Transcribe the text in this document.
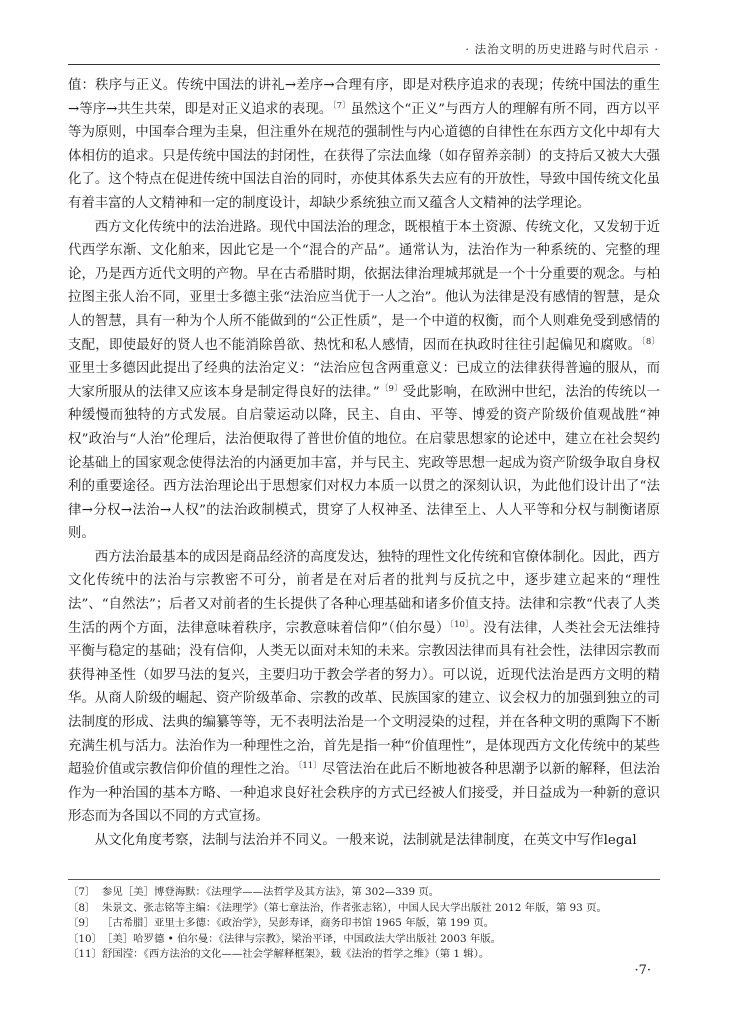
· 法治文明的历史进路与时代启示 ·

值：秩序与正义。传统中国法的讲礼→差序→合理有序，即是对秩序追求的表现；传统中国法的重生→等序→共生共荣，即是对正义追求的表现。$^{〔7〕}$虽然这个“正义”与西方人的理解有所不同，西方以平等为原则，中国奉合理为圭臬，但注重外在规范的强制性与内心道德的自律性在东西方文化中却有大体相仿的追求。只是传统中国法的封闭性，在获得了宗法血缘（如存留养亲制）的支持后又被大大强化了。这个特点在促进传统中国法自治的同时，亦使其体系失去应有的开放性，导致中国传统文化虽有着丰富的人文精神和一定的制度设计，却缺少系统独立而又蕴含人文精神的法学理论。

西方文化传统中的法治进路。现代中国法治的理念，既根植于本土资源、传统文化，又发轫于近代西学东渐、文化舶来，因此它是一个“混合的产品”。通常认为，法治作为一种系统的、完整的理论，乃是西方近代文明的产物。早在古希腊时期，依据法律治理城邦就是一个十分重要的观念。与柏拉图主张人治不同，亚里士多德主张“法治应当优于一人之治”。他认为法律是没有感情的智慧，是众人的智慧，具有一种为个人所不能做到的“公正性质”，是一个中道的权衡，而个人则难免受到感情的支配，即使最好的贤人也不能消除兽欲、热忱和私人感情，因而在执政时往往引起偏见和腐败。$^{〔8〕}$亚里士多德因此提出了经典的法治定义：“法治应包含两重意义：已成立的法律获得普遍的服从，而大家所服从的法律又应该本身是制定得良好的法律。”$^{〔9〕}$受此影响，在欧洲中世纪，法治的传统以一种缓慢而独特的方式发展。自启蒙运动以降，民主、自由、平等、博爱的资产阶级价值观战胜“神权”政治与“人治”伦理后，法治便取得了普世价值的地位。在启蒙思想家的论述中，建立在社会契约论基础上的国家观念使得法治的内涵更加丰富，并与民主、宪政等思想一起成为资产阶级争取自身权利的重要途径。西方法治理论出于思想家们对权力本质一以贯之的深刻认识，为此他们设计出了“法律→分权→法治→人权”的法治政制模式，贯穿了人权神圣、法律至上、人人平等和分权与制衡诸原则。

西方法治最基本的成因是商品经济的高度发达，独特的理性文化传统和官僚体制化。因此，西方文化传统中的法治与宗教密不可分，前者是在对后者的批判与反抗之中，逐步建立起来的“理性法”、“自然法”；后者又对前者的生长提供了各种心理基础和诸多价值支持。法律和宗教“代表了人类生活的两个方面，法律意味着秩序，宗教意味着信仰”（伯尔曼）$^{〔10〕}$。没有法律，人类社会无法维持平衡与稳定的基础；没有信仰，人类无以面对未知的未来。宗教因法律而具有社会性，法律因宗教而获得神圣性（如罗马法的复兴，主要归功于教会学者的努力）。可以说，近现代法治是西方文明的精华。从商人阶级的崛起、资产阶级革命、宗教的改革、民族国家的建立、议会权力的加强到独立的司法制度的形成、法典的编纂等等，无不表明法治是一个文明浸染的过程，并在各种文明的熏陶下不断充满生机与活力。法治作为一种理性之治，首先是指一种“价值理性”，是体现西方文化传统中的某些超验价值或宗教信仰价值的理性之治。$^{〔11〕}$尽管法治在此后不断地被各种思潮予以新的解释，但法治作为一种治国的基本方略、一种追求良好社会秩序的方式已经被人们接受，并日益成为一种新的意识形态而为各国以不同的方式宣扬。

从文化角度考察，法制与法治并不同义。一般来说，法制就是法律制度，在英文中写作legal

〔7〕 参见［美］博登海默：《法理学——法哲学及其方法》，第 302—339 页。
〔8〕 朱景文、张志铭等主编：《法理学》（第七章法治，作者张志铭），中国人民大学出版社 2012 年版，第 93 页。
〔9〕 ［古希腊］亚里士多德：《政治学》，吴彭寿译，商务印书馆 1965 年版，第 199 页。
〔10〕 ［美］哈罗德 • 伯尔曼：《法律与宗教》，梁治平译，中国政法大学出版社 2003 年版。
〔11〕 舒国滢：《西方法治的文化——社会学解释框架》，载《法治的哲学之维》（第 1 辑）。
·7·
